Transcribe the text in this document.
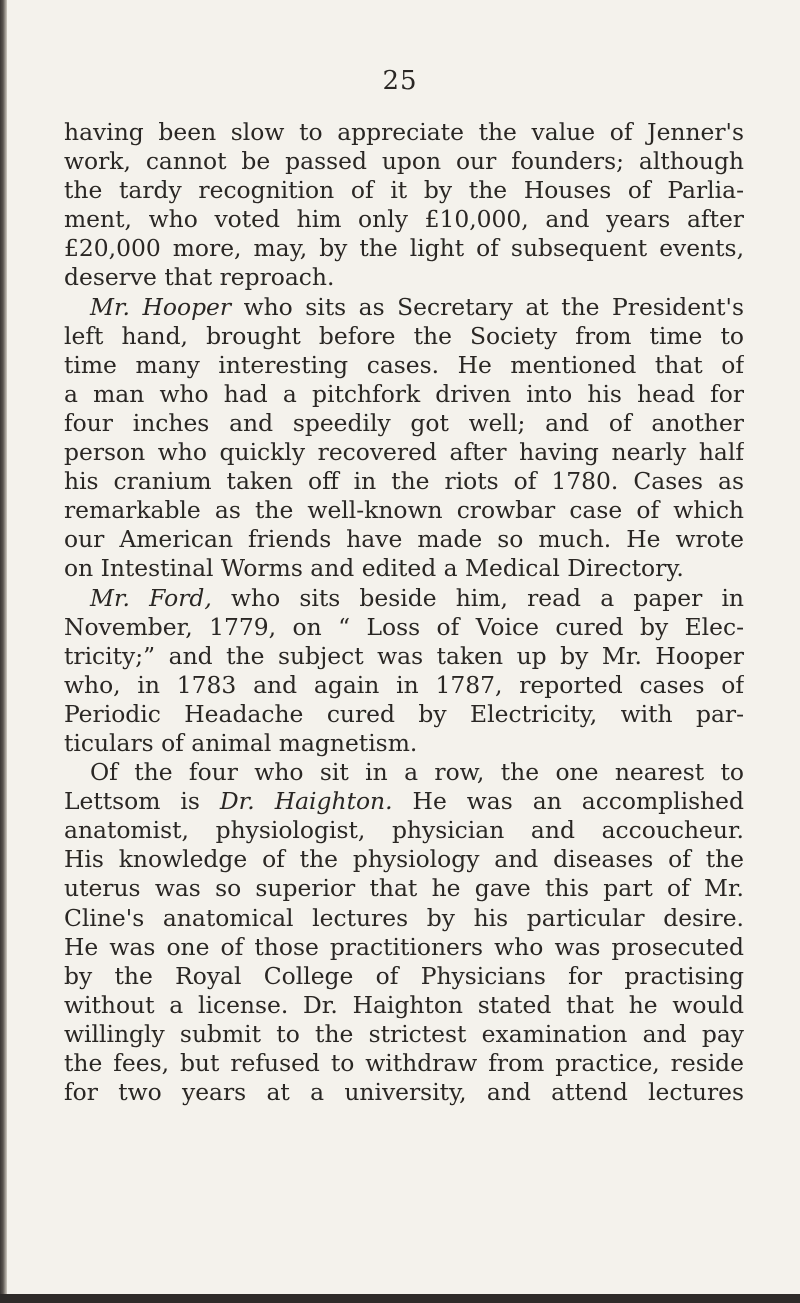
25
having been slow to appreciate the value of Jenner's
work, cannot be passed upon our founders; although
the tardy recognition of it by the Houses of Parlia-
ment, who voted him only £10,000, and years after
£20,000 more, may, by the light of subsequent events,
deserve that reproach.
Mr. Hooper who sits as Secretary at the President's
left hand, brought before the Society from time to
time many interesting cases. He mentioned that of
a man who had a pitchfork driven into his head for
four inches and speedily got well; and of another
person who quickly recovered after having nearly half
his cranium taken off in the riots of 1780. Cases as
remarkable as the well-known crowbar case of which
our American friends have made so much. He wrote
on Intestinal Worms and edited a Medical Directory.
Mr. Ford, who sits beside him, read a paper in
November, 1779, on “ Loss of Voice cured by Elec-
tricity;” and the subject was taken up by Mr. Hooper
who, in 1783 and again in 1787, reported cases of
Periodic Headache cured by Electricity, with par-
ticulars of animal magnetism.
Of the four who sit in a row, the one nearest to
Lettsom is Dr. Haighton. He was an accomplished
anatomist, physiologist, physician and accoucheur.
His knowledge of the physiology and diseases of the
uterus was so superior that he gave this part of Mr.
Cline's anatomical lectures by his particular desire.
He was one of those practitioners who was prosecuted
by the Royal College of Physicians for practising
without a license. Dr. Haighton stated that he would
willingly submit to the strictest examination and pay
the fees, but refused to withdraw from practice, reside
for two years at a university, and attend lectures
